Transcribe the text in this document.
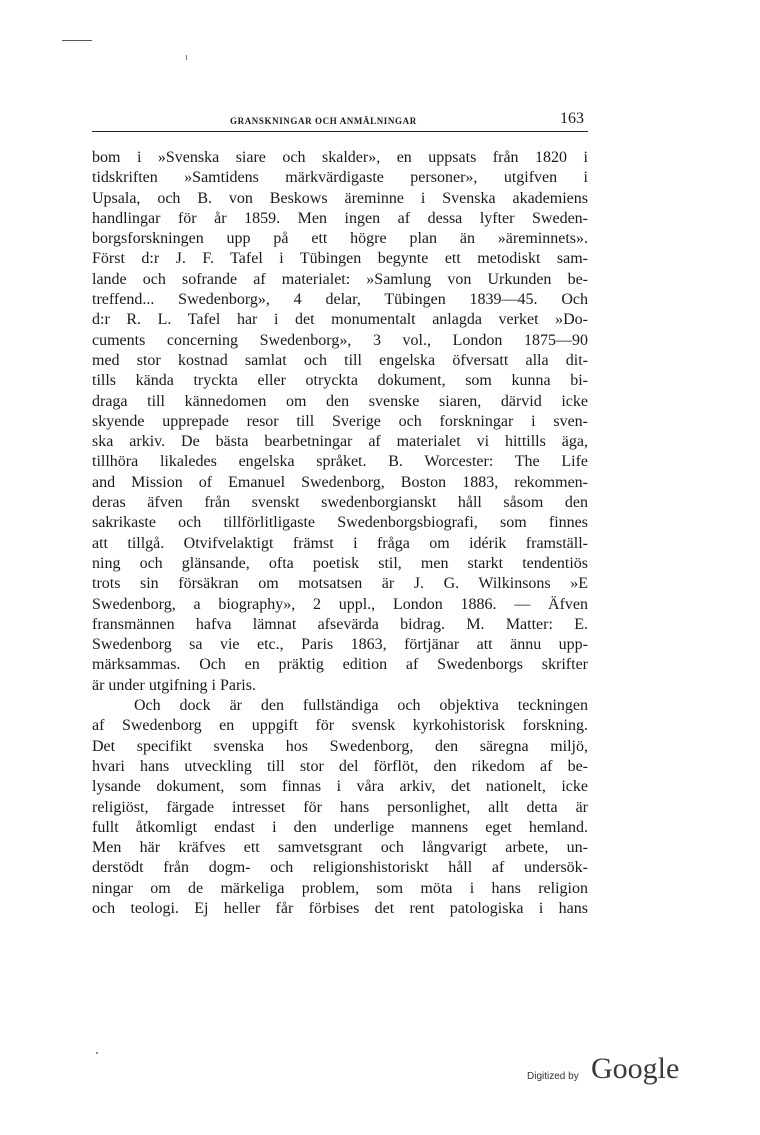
GRANSKNINGAR OCH ANMÄLNINGAR	163
bom i »Svenska siare och skalder», en uppsats från 1820 i
tidskriften »Samtidens märkvärdigaste personer», utgifven i
Upsala, och B. von Beskows äreminne i Svenska akademiens
handlingar för år 1859. Men ingen af dessa lyfter Sweden-
borgsforskningen upp på ett högre plan än »äreminnets».
Först d:r J. F. Tafel i Tübingen begynte ett metodiskt sam-
lande och sofrande af materialet: »Samlung von Urkunden be-
treffend... Swedenborg», 4 delar, Tübingen 1839—45. Och
d:r R. L. Tafel har i det monumentalt anlagda verket »Do-
cuments concerning Swedenborg», 3 vol., London 1875—90
med stor kostnad samlat och till engelska öfversatt alla dit-
tills kända tryckta eller otryckta dokument, som kunna bi-
draga till kännedomen om den svenske siaren, därvid icke
skyende upprepade resor till Sverige och forskningar i sven-
ska arkiv. De bästa bearbetningar af materialet vi hittills äga,
tillhöra likaledes engelska språket. B. Worcester: The Life
and Mission of Emanuel Swedenborg, Boston 1883, rekommen-
deras äfven från svenskt swedenborgianskt håll såsom den
sakrikaste och tillförlitligaste Swedenborgsbiografi, som finnes
att tillgå. Otvifvelaktigt främst i fråga om idérik framställ-
ning och glänsande, ofta poetisk stil, men starkt tendentiös
trots sin försäkran om motsatsen är J. G. Wilkinsons »E
Swedenborg, a biography», 2 uppl., London 1886. — Äfven
fransmännen hafva lämnat afsevärda bidrag. M. Matter: E.
Swedenborg sa vie etc., Paris 1863, förtjänar att ännu upp-
märksammas. Och en präktig edition af Swedenborgs skrifter
är under utgifning i Paris.
Och dock är den fullständiga och objektiva teckningen
af Swedenborg en uppgift för svensk kyrkohistorisk forskning.
Det specifikt svenska hos Swedenborg, den säregna miljö,
hvari hans utveckling till stor del förflöt, den rikedom af be-
lysande dokument, som finnas i våra arkiv, det nationelt, icke
religiöst, färgade intresset för hans personlighet, allt detta är
fullt åtkomligt endast i den underlige mannens eget hemland.
Men här kräfves ett samvetsgrant och långvarigt arbete, un-
derstödt från dogm- och religionshistoriskt håll af undersök-
ningar om de märkeliga problem, som möta i hans religion
och teologi. Ej heller får förbises det rent patologiska i hans
Digitized by Google
